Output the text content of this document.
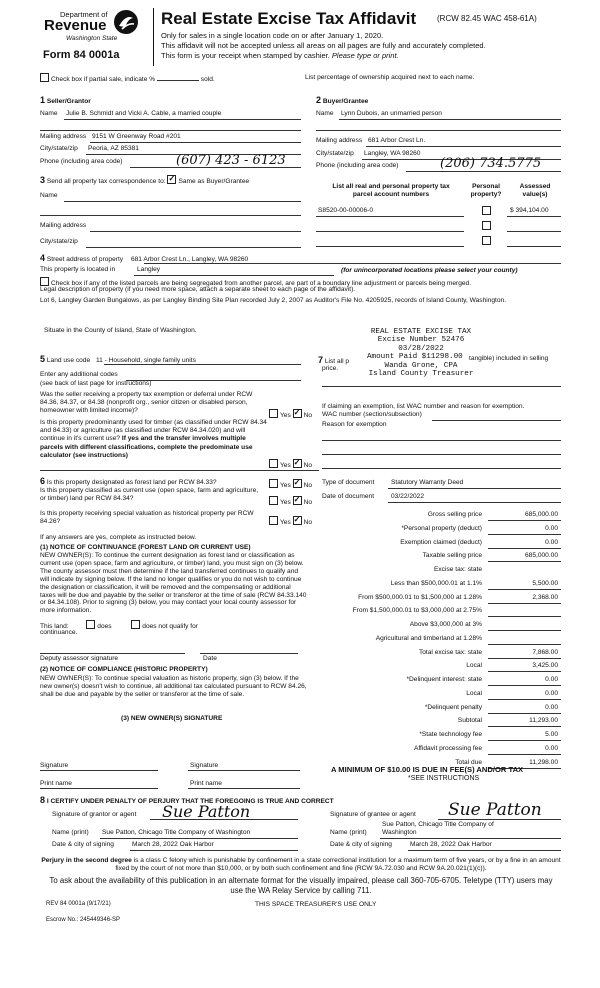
Department of
Revenue
Washington State
Form 84 0001a
Real Estate Excise Tax Affidavit	(RCW 82.45 WAC 458-61A)
Only for sales in a single location code on or after January 1, 2020.
This affidavit will not be accepted unless all areas on all pages are fully and accurately completed.
This form is your receipt when stamped by cashier. Please type or print.
Check box if partial sale, indicate %	sold.	List percentage of ownership acquired next to each name.
1 Seller/Grantor
Name Julie B. Schmidt and Vicki A. Cable, a married couple
Mailing address 9151 W Greenway Road #201
City/state/zip Peoria, AZ 85381
Phone (including area code)	(607) 423 - 6123
2 Buyer/Grantee
Name Lynn Dubois, an unmarried person
Mailing address 681 Arbor Crest Ln.
City/state/zip Langley, WA 98260
Phone (including area code)	(206) 734.5775
3 Send all property tax correspondence to: ✓ Same as Buyer/Grantee
Name
Mailing address
City/state/zip
List all real and personal property tax
parcel account numbers
Personal
property?
Assessed
value(s)
S8520-00-00006-0	$ 394,104.00
4 Street address of property 681 Arbor Crest Ln., Langley, WA 98260
This property is located in	Langley	(for unincorporated locations please select your county)
Check box if any of the listed parcels are being segregated from another parcel, are part of a boundary line adjustment or parcels being merged.
Legal description of property (if you need more space, attach a separate sheet to each page of the affidavit).
Lot 6, Langley Garden Bungalows, as per Langley Binding Site Plan recorded July 2, 2007 as Auditor's File No. 4205925, records of Island County, Washington.
Situate in the County of Island, State of Washington.	REAL ESTATE EXCISE TAX
Excise Number 52476
03/28/2022
Wanda Grone, CPA
Island County Treasurer
5 Land use code 11 - Household, single family units
Enter any additional codes
(see back of last page for instructions)
Was the seller receiving a property tax exemption or deferral under RCW 84.36, 84.37, or 84.38 (nonprofit org., senior citizen or disabled person, homeowner with limited income)?
Yes ✓ No
Is this property predominantly used for timber (as classified under RCW 84.34 and 84.33) or agriculture (as classified under RCW 84.34.020) and will continue in it's current use? If yes and the transfer involves multiple parcels with different classifications, complete the predominate use calculator (see instructions)
Yes ✓ No
7 List all p
Amount Paid $11298.00 tangible) included in selling
price.
If claiming an exemption, list WAC number and reason for exemption.
WAC number (section/subsection)
Reason for exemption
6 Is this property designated as forest land per RCW 84.33?	Yes ✓ No
Is this property classified as current use (open space, farm and agriculture, or timber) land per RCW 84.34?
Yes ✓ No
Is this property receiving special valuation as historical property per RCW 84.26?	Yes ✓ No
If any answers are yes, complete as instructed below.
(1) NOTICE OF CONTINUANCE (FOREST LAND OR CURRENT USE)
NEW OWNER(S): To continue the current designation as forest land or classification as current use (open space, farm and agriculture, or timber) land, you must sign on (3) below. The county assessor must then determine if the land transferred continues to qualify and will indicate by signing below. If the land no longer qualifies or you do not wish to continue the designation or classification, it will be removed and the compensating or additional taxes will be due and payable by the seller or transferor at the time of sale (RCW 84.33.140 or 84.34.108). Prior to signing (3) below, you may contact your local county assessor for more information.
This land:	does	does not qualify for
continuance.
Deputy assessor signature	Date
(2) NOTICE OF COMPLIANCE (HISTORIC PROPERTY)
NEW OWNER(S): To continue special valuation as historic property, sign (3) below. If the new owner(s) doesn't wish to continue, all additional tax calculated pursuant to RCW 84.26, shall be due and payable by the seller or transferor at the time of sale.
(3) NEW OWNER(S) SIGNATURE
Signature	Signature
Print name	Print name
Type of document	Statutory Warranty Deed
Date of document	03/22/2022
Gross selling price	685,000.00
*Personal property (deduct)	0.00
Exemption claimed (deduct)	0.00
Taxable selling price	685,000.00
Excise tax: state
Less than $500,000.01 at 1.1%	5,500.00
From $500,000.01 to $1,500,000 at 1.28%	2,368.00
From $1,500,000.01 to $3,000,000 at 2.75%
Above $3,000,000 at 3%
Agricultural and timberland at 1.28%
Total excise tax: state	7,868.00
Local	3,425.00
*Delinquent interest: state	0.00
Local	0.00
*Delinquent penalty	0.00
Subtotal	11,293.00
*State technology fee	5.00
Affidavit processing fee	0.00
Total due	11,298.00
A MINIMUM OF $10.00 IS DUE IN FEE(S) AND/OR TAX
*SEE INSTRUCTIONS
8 I CERTIFY UNDER PENALTY OF PERJURY THAT THE FOREGOING IS TRUE AND CORRECT
Signature of grantor or agent Sue Patton	Signature of grantee or agent Sue Patton
Name (print) Sue Patton, Chicago Title Company of Washington
Sue Patton, Chicago Title Company of
Name (print) Washington
Date & city of signing	March 28, 2022 Oak Harbor	Date & city of signing	March 28, 2022 Oak Harbor
Perjury in the second degree is a class C felony which is punishable by confinement in a state correctional institution for a maximum term of five years, or by a fine in an amount fixed by the court of not more than $10,000, or by both such confinement and fine (RCW 9A.72.030 and RCW 9A.20.021(1)(c)).
To ask about the availability of this publication in an alternate format for the visually impaired, please call 360-705-6705. Teletype (TTY) users may use the WA Relay Service by calling 711.
REV 84 0001a (9/17/21)	THIS SPACE TREASURER'S USE ONLY
Escrow No.: 245449346-SP
